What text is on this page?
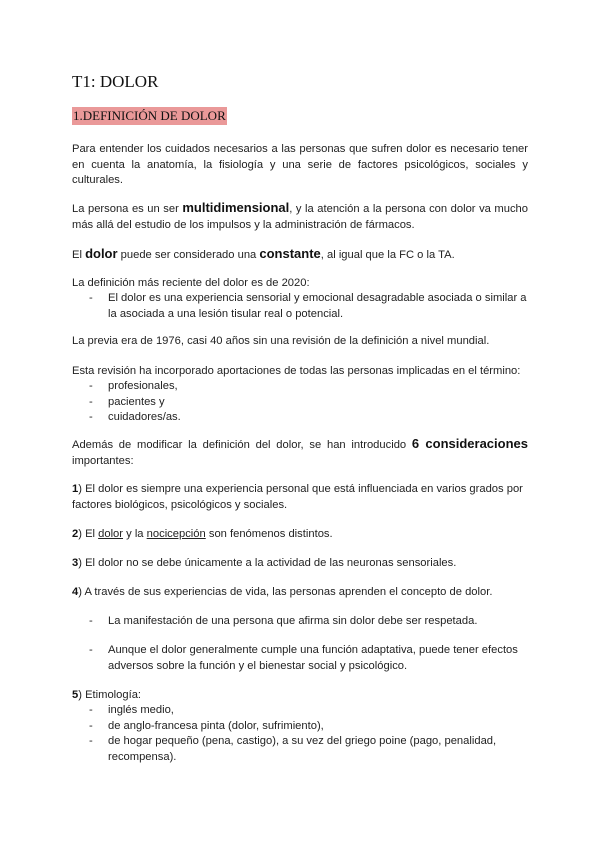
T1: DOLOR
1.DEFINICIÓN DE DOLOR

Para entender los cuidados necesarios a las personas que sufren dolor es necesario tener en cuenta la anatomía, la fisiología y una serie de factores psicológicos, sociales y culturales.

La persona es un ser multidimensional, y la atención a la persona con dolor va mucho más allá del estudio de los impulsos y la administración de fármacos.

El dolor puede ser considerado una constante, al igual que la FC o la TA.

La definición más reciente del dolor es de 2020:

- El dolor es una experiencia sensorial y emocional desagradable asociada o similar a la asociada a una lesión tisular real o potencial.

La previa era de 1976, casi 40 años sin una revisión de la definición a nivel mundial.

Esta revisión ha incorporado aportaciones de todas las personas implicadas en el término:

- profesionales,
- pacientes y
- cuidadores/as.

Además de modificar la definición del dolor, se han introducido 6 consideraciones importantes:

1) El dolor es siempre una experiencia personal que está influenciada en varios grados por factores biológicos, psicológicos y sociales.

2) El dolor y la nocicepción son fenómenos distintos.

3) El dolor no se debe únicamente a la actividad de las neuronas sensoriales.

4) A través de sus experiencias de vida, las personas aprenden el concepto de dolor.

- La manifestación de una persona que afirma sin dolor debe ser respetada.
- Aunque el dolor generalmente cumple una función adaptativa, puede tener efectos adversos sobre la función y el bienestar social y psicológico.

5) Etimología:

- inglés medio,
- de anglo-francesa pinta (dolor, sufrimiento),
- de hogar pequeño (pena, castigo), a su vez del griego poine (pago, penalidad, recompensa).
